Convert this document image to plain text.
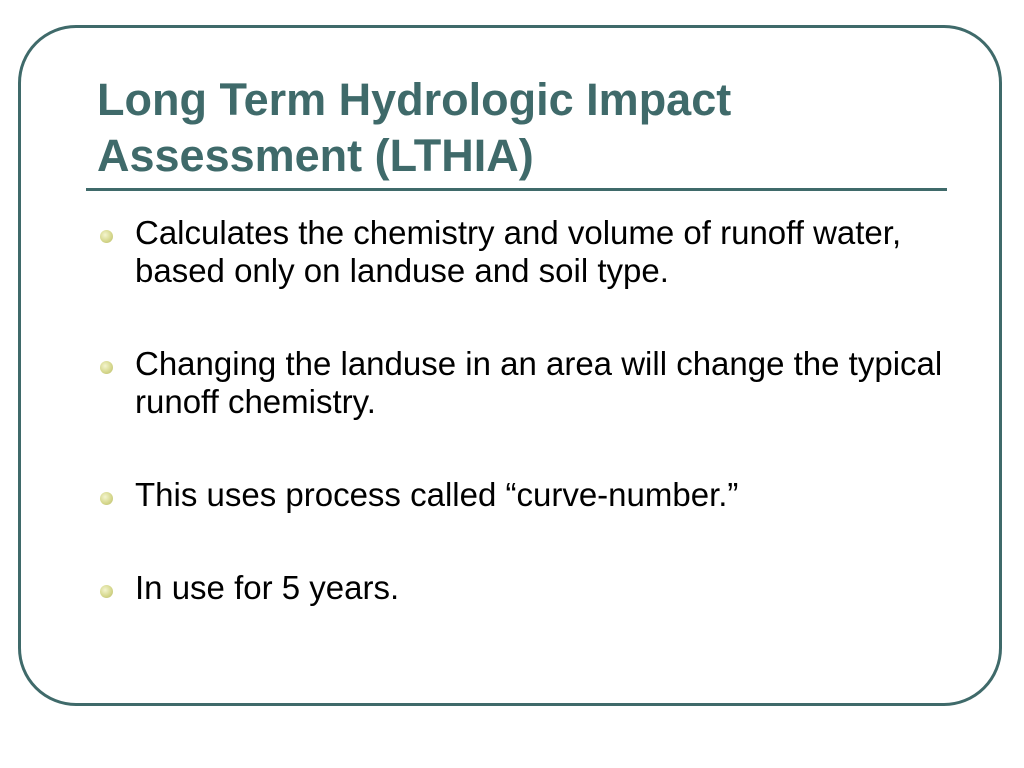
Long Term Hydrologic Impact Assessment (LTHIA)
Calculates the chemistry and volume of runoff water, based only on landuse and soil type.
Changing the landuse in an area will change the typical runoff chemistry.
This uses process called “curve-number.”
In use for 5 years.
